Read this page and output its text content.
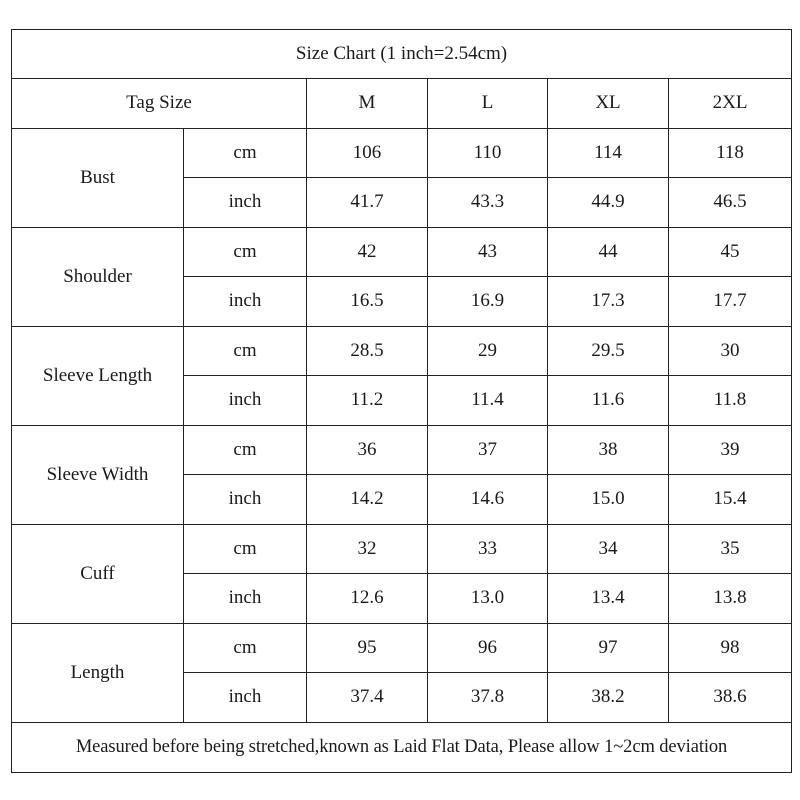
Size Chart (1 inch=2.54cm)					
Tag Size		M	L	XL	2XL
Bust	cm	106	110	114	118
	inch	41.7	43.3	44.9	46.5
Shoulder	cm	42	43	44	45
	inch	16.5	16.9	17.3	17.7
Sleeve Length	cm	28.5	29	29.5	30
	inch	11.2	11.4	11.6	11.8
Sleeve Width	cm	36	37	38	39
	inch	14.2	14.6	15.0	15.4
Cuff	cm	32	33	34	35
	inch	12.6	13.0	13.4	13.8
Length	cm	95	96	97	98
	inch	37.4	37.8	38.2	38.6
Measured before being stretched,known as Laid Flat Data, Please allow 1~2cm deviation					
